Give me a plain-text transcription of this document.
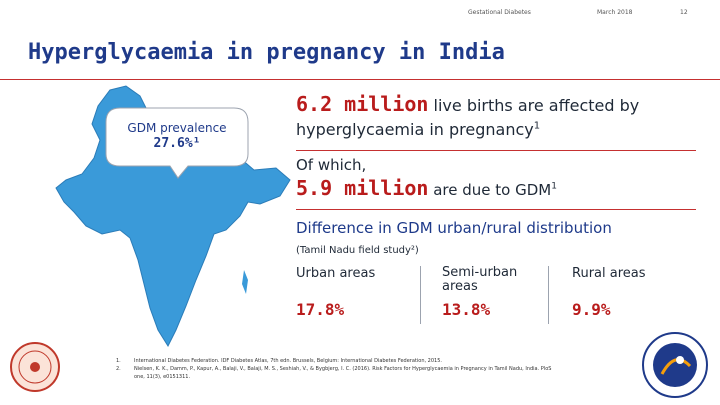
Gestational Diabetes	March 2018	12
Hyperglycaemia in pregnancy in India
GDM prevalence
27.6%¹
6.2 million live births are affected by
hyperglycaemia in pregnancy$^1$
Of which,
5.9 million are due to GDM$^1$
Difference in GDM urban/rural distribution
(Tamil Nadu field study²)
Urban areas
17.8%
Semi-urban areas
13.8%
Rural areas
9.9%
1.
2.
International Diabetes Federation. IDF Diabetes Atlas, 7th edn. Brussels, Belgium: International Diabetes Federation, 2015.
Nielsen, K. K., Damm, P., Kapur, A., Balaji, V., Balaji, M. S., Seshiah, V., & Bygbjerg, I. C. (2016). Risk Factors for Hyperglycaemia in Pregnancy in Tamil Nadu, India. PloS one, 11(3), e0151311.
